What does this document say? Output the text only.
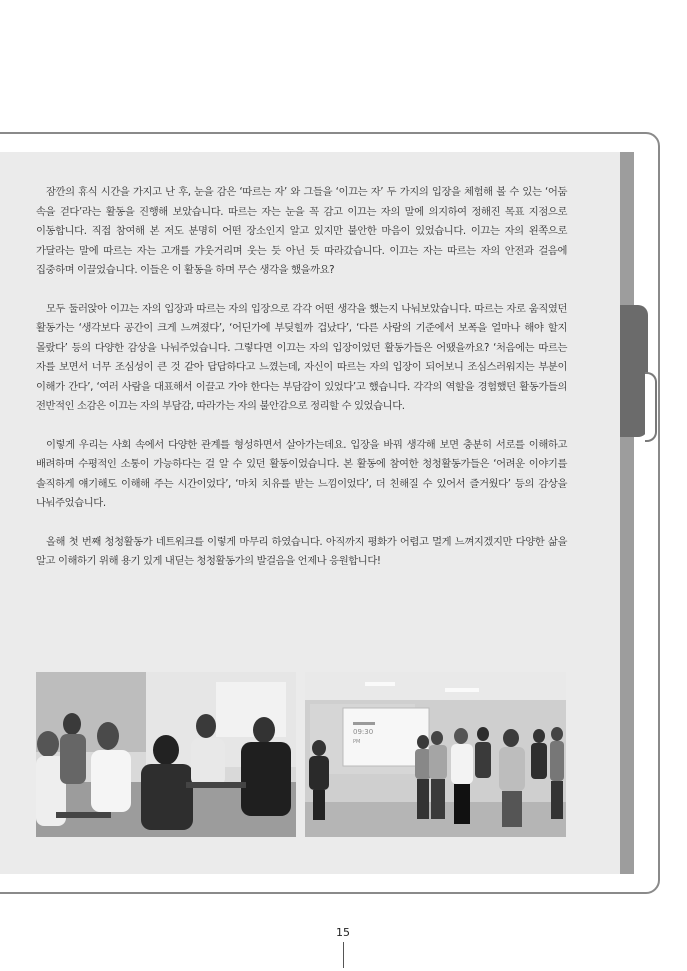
잠깐의 휴식 시간을 가지고 난 후, 눈을 감은 ‘따르는 자’ 와 그들을 ‘이끄는 자’ 두 가지의 입장을 체험해 볼 수 있는 ‘어둠 속을 걷다’라는 활동을 진행해 보았습니다. 따르는 자는 눈을 꼭 감고 이끄는 자의 말에 의지하여 정해진 목표 지점으로 이동합니다. 직접 참여해 본 저도 분명히 어떤 장소인지 알고 있지만 불안한 마음이 있었습니다. 이끄는 자의 왼쪽으로 가달라는 말에 따르는 자는 고개를 갸웃거리며 웃는 듯 아닌 듯 따라갔습니다. 이끄는 자는 따르는 자의 안전과 걸음에 집중하며 이끌었습니다. 이들은 이 활동을 하며 무슨 생각을 했을까요?

모두 둘러앉아 이끄는 자의 입장과 따르는 자의 입장으로 각각 어떤 생각을 했는지 나눠보았습니다. 따르는 자로 움직였던 활동가는 ‘생각보다 공간이 크게 느껴졌다’, ‘어딘가에 부딪힐까 겁났다’, ‘다른 사람의 기준에서 보폭을 얼마나 해야 할지 몰랐다’ 등의 다양한 감상을 나눠주었습니다. 그렇다면 이끄는 자의 입장이었던 활동가들은 어땠을까요? ‘처음에는 따르는 자를 보면서 너무 조심성이 큰 것 같아 답답하다고 느꼈는데, 자신이 따르는 자의 입장이 되어보니 조심스러워지는 부분이 이해가 간다’, ‘여러 사람을 대표해서 이끌고 가야 한다는 부담감이 있었다’고 했습니다. 각각의 역할을 경험했던 활동가들의 전반적인 소감은 이끄는 자의 부담감, 따라가는 자의 불안감으로 정리할 수 있었습니다.

이렇게 우리는 사회 속에서 다양한 관계를 형성하면서 살아가는데요. 입장을 바꿔 생각해 보면 충분히 서로를 이해하고 배려하며 수평적인 소통이 가능하다는 걸 알 수 있던 활동이었습니다. 본 활동에 참여한 청청활동가들은 ‘어려운 이야기를 솔직하게 얘기해도 이해해 주는 시간이었다’, ‘마치 치유를 받는 느낌이었다’, 더 친해질 수 있어서 즐거웠다’ 등의 감상을 나눠주었습니다.

올해 첫 번째 청청활동가 네트워크를 이렇게 마무리 하였습니다. 아직까지 평화가 어렵고 멀게 느껴지겠지만 다양한 삶을 알고 이해하기 위해 용기 있게 내딛는 청청활동가의 발걸음을 언제나 응원합니다!

09:30
PM
15
